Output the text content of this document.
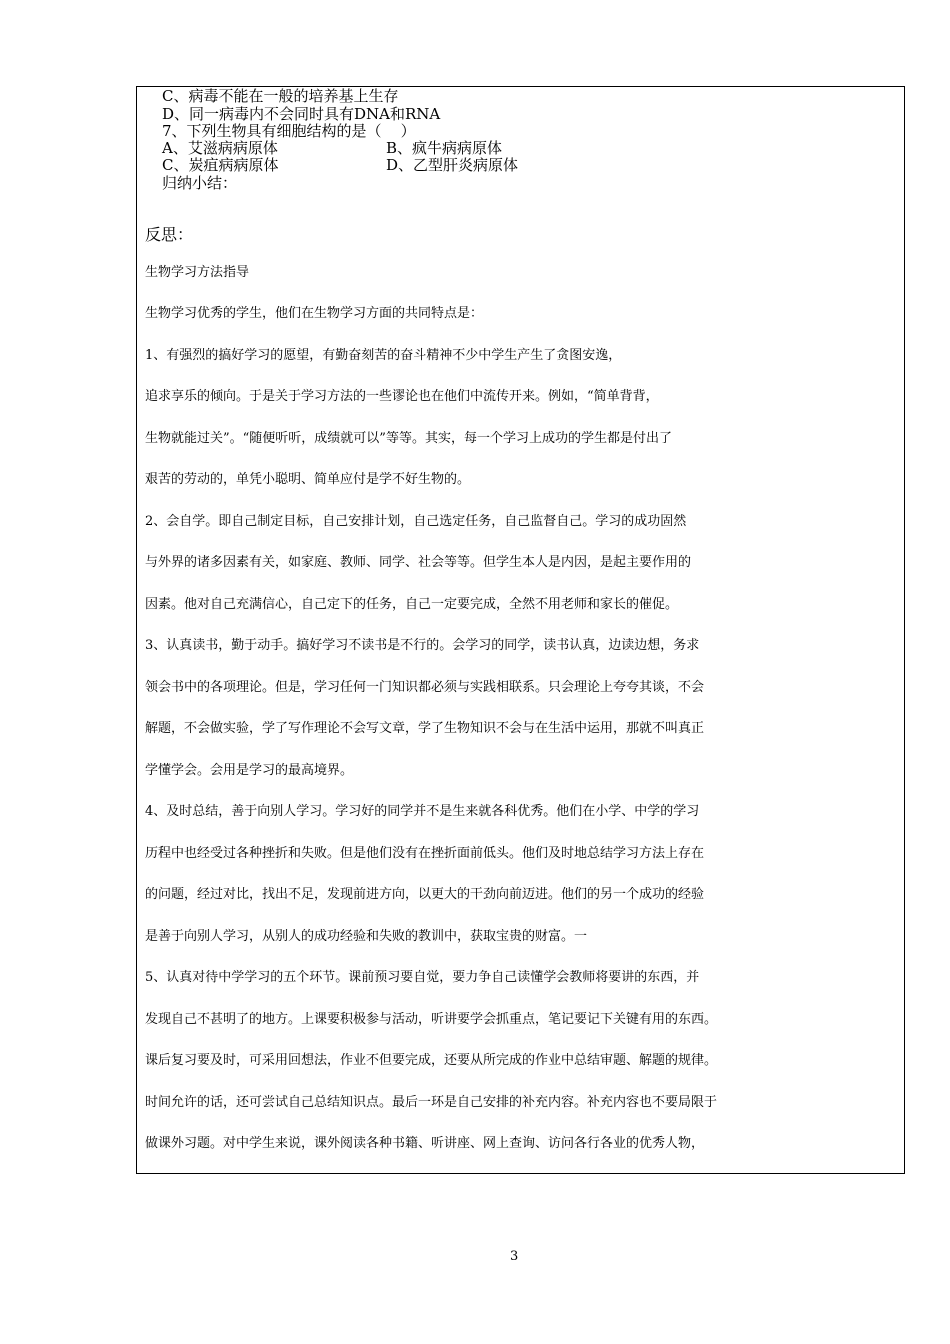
C、病毒不能在一般的培养基上生存
D、同一病毒内不会同时具有DNA和RNA
7、下列生物具有细胞结构的是（    ）
A、艾滋病病原体	B、疯牛病病原体
C、炭疽病病原体	D、乙型肝炎病原体
归纳小结：
反思：
生物学习方法指导
生物学习优秀的学生，他们在生物学习方面的共同特点是：
1、有强烈的搞好学习的愿望，有勤奋刻苦的奋斗精神不少中学生产生了贪图安逸，
追求享乐的倾向。于是关于学习方法的一些谬论也在他们中流传开来。例如，“简单背背，
生物就能过关”。“随便听听，成绩就可以”等等。其实，每一个学习上成功的学生都是付出了
艰苦的劳动的，单凭小聪明、简单应付是学不好生物的。
2、会自学。即自己制定目标，自己安排计划，自己选定任务，自己监督自己。学习的成功固然
与外界的诸多因素有关，如家庭、教师、同学、社会等等。但学生本人是内因，是起主要作用的
因素。他对自己充满信心，自己定下的任务，自己一定要完成，全然不用老师和家长的催促。
3、认真读书，勤于动手。搞好学习不读书是不行的。会学习的同学，读书认真，边读边想，务求
领会书中的各项理论。但是，学习任何一门知识都必须与实践相联系。只会理论上夸夸其谈，不会
解题，不会做实验，学了写作理论不会写文章，学了生物知识不会与在生活中运用，那就不叫真正
学懂学会。会用是学习的最高境界。
4、及时总结，善于向别人学习。学习好的同学并不是生来就各科优秀。他们在小学、中学的学习
历程中也经受过各种挫折和失败。但是他们没有在挫折面前低头。他们及时地总结学习方法上存在
的问题，经过对比，找出不足，发现前进方向，以更大的干劲向前迈进。他们的另一个成功的经验
是善于向别人学习，从别人的成功经验和失败的教训中，获取宝贵的财富。一
5、认真对待中学学习的五个环节。课前预习要自觉，要力争自己读懂学会教师将要讲的东西，并
发现自己不甚明了的地方。上课要积极参与活动，听讲要学会抓重点，笔记要记下关键有用的东西。
课后复习要及时，可采用回想法，作业不但要完成，还要从所完成的作业中总结审题、解题的规律。
时间允许的话，还可尝试自己总结知识点。最后一环是自己安排的补充内容。补充内容也不要局限于
做课外习题。对中学生来说，课外阅读各种书籍、听讲座、网上查询、访问各行各业的优秀人物，
3
